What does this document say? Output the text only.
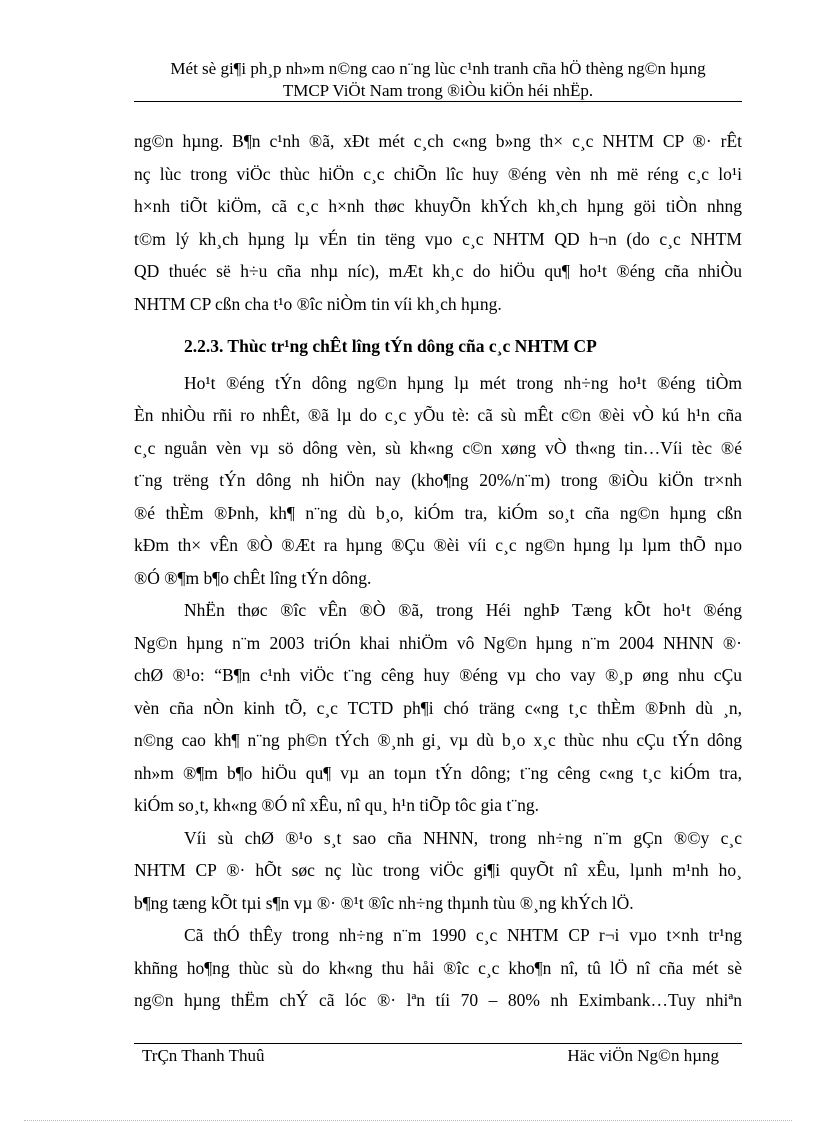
Mét sè gi¶i ph¸p nh»m n©ng cao n¨ng lùc c¹nh tranh cña hÖ thèng ng©n hµng
TMCP ViÖt Nam trong ®iÒu kiÖn héi nhËp.
ng©n hµng. B¶n c¹nh ®ã, xÐt mét c¸ch c«ng b»ng th× c¸c NHTM CP ®· rÊt
nç lùc trong viÖc thùc hiÖn c¸c chiÕn lîc huy ®éng vèn nh më réng c¸c lo¹i
h×nh tiÕt kiÖm, cã c¸c h×nh thøc khuyÕn khÝch kh¸ch hµng göi tiÒn nhng
t©m lý kh¸ch hµng lµ vÉn tin tëng vµo c¸c NHTM QD h¬n (do c¸c NHTM
QD thuéc së h÷u cña nhµ níc), mÆt kh¸c do hiÖu qu¶ ho¹t ®éng cña nhiÒu
NHTM CP cßn cha t¹o ®îc niÒm tin víi kh¸ch hµng.
2.2.3. Thùc tr¹ng chÊt lîng tÝn dông cña c¸c NHTM CP
Ho¹t ®éng tÝn dông ng©n hµng lµ mét trong nh÷ng ho¹t ®éng tiÒm
Èn nhiÒu rñi ro nhÊt, ®ã lµ do c¸c yÕu tè: cã sù mÊt c©n ®èi vÒ kú h¹n cña
c¸c nguån vèn vµ sö dông vèn, sù kh«ng c©n xøng vÒ th«ng tin…Víi tèc ®é
t¨ng trëng tÝn dông nh hiÖn nay (kho¶ng 20%/n¨m) trong ®iÒu kiÖn tr×nh
®é thÈm ®Þnh, kh¶ n¨ng dù b¸o, kiÓm tra, kiÓm so¸t cña ng©n hµng cßn
kÐm th× vÊn ®Ò ®Æt ra hµng ®Çu ®èi víi c¸c ng©n hµng lµ lµm thÕ nµo
®Ó ®¶m b¶o chÊt lîng tÝn dông.
NhËn thøc ®îc vÊn ®Ò ®ã, trong Héi nghÞ Tæng kÕt ho¹t ®éng
Ng©n hµng n¨m 2003 triÓn khai nhiÖm vô Ng©n hµng n¨m 2004 NHNN ®·
chØ ®¹o: “B¶n c¹nh viÖc t¨ng cêng huy ®éng vµ cho vay ®¸p øng nhu cÇu
vèn cña nÒn kinh tÕ, c¸c TCTD ph¶i chó träng c«ng t¸c thÈm ®Þnh dù ¸n,
n©ng cao kh¶ n¨ng ph©n tÝch ®¸nh gi¸ vµ dù b¸o x¸c thùc nhu cÇu tÝn dông
nh»m ®¶m b¶o hiÖu qu¶ vµ an toµn tÝn dông; t¨ng cêng c«ng t¸c kiÓm tra,
kiÓm so¸t, kh«ng ®Ó nî xÊu, nî qu¸ h¹n tiÕp tôc gia t¨ng.
Víi sù chØ ®¹o s¸t sao cña NHNN, trong nh÷ng n¨m gÇn ®©y c¸c
NHTM CP ®· hÕt søc nç lùc trong viÖc gi¶i quyÕt nî xÊu, lµnh m¹nh ho¸
b¶ng tæng kÕt tµi s¶n vµ ®· ®¹t ®îc nh÷ng thµnh tùu ®¸ng khÝch lÖ.
Cã thÓ thÊy trong nh÷ng n¨m 1990 c¸c NHTM CP r¬i vµo t×nh tr¹ng
khñng ho¶ng thùc sù do kh«ng thu håi ®îc c¸c kho¶n nî, tû lÖ nî cña mét sè
ng©n hµng thËm chÝ cã lóc ®· lªn tíi 70 – 80% nh Eximbank…Tuy nhiªn
TrÇn Thanh Thuû	Häc viÖn Ng©n hµng
